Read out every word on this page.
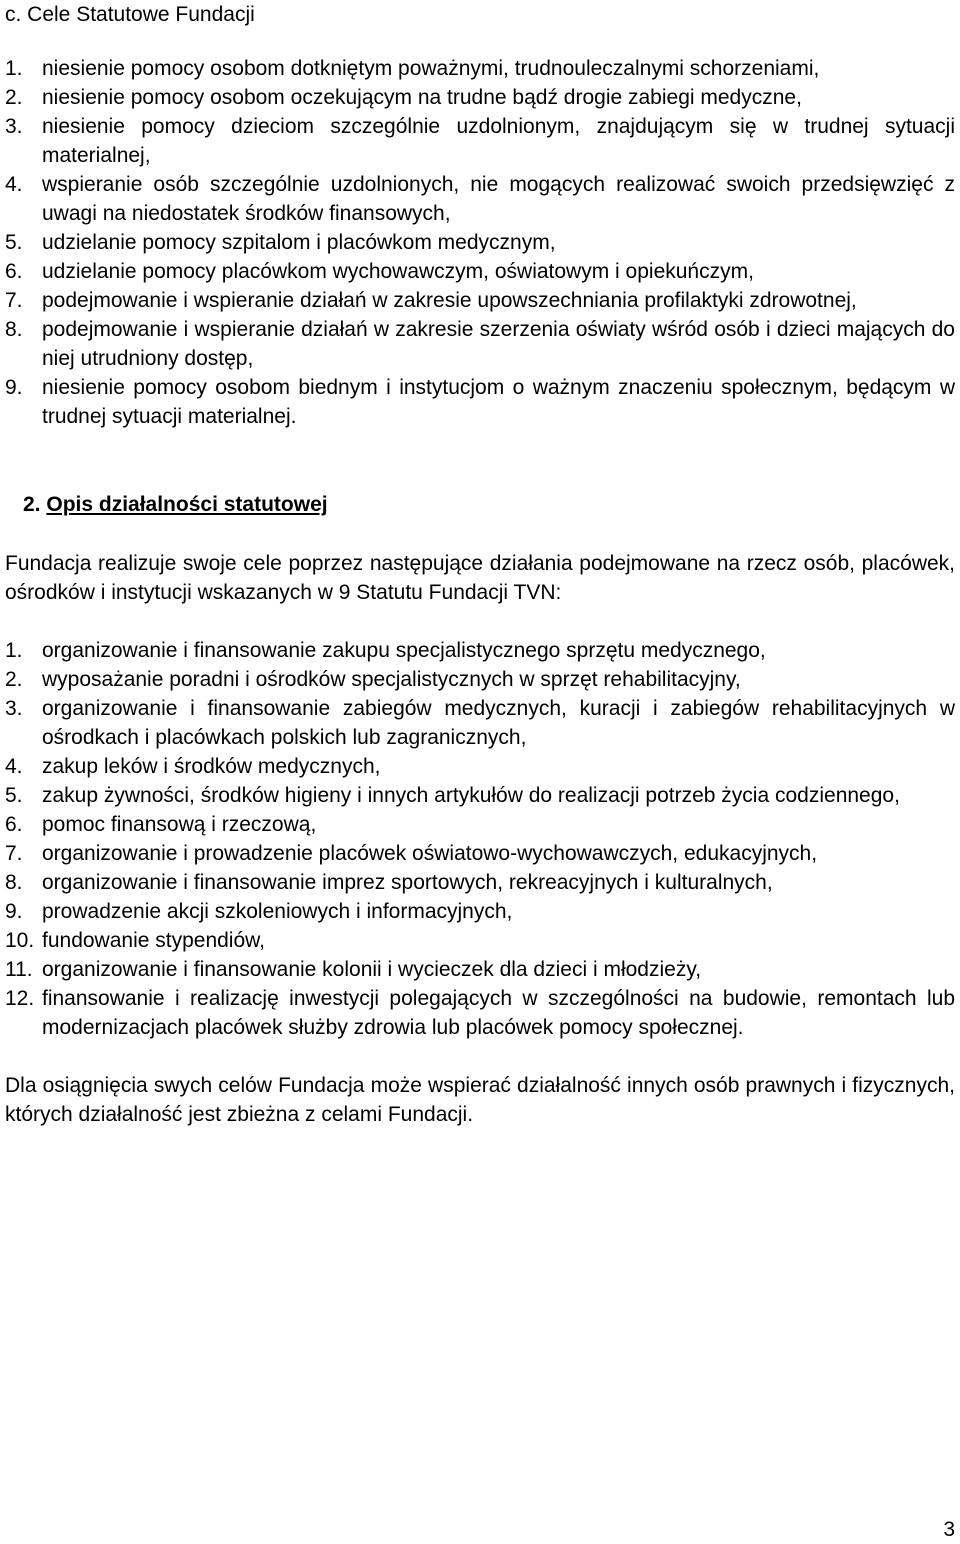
c. Cele Statutowe Fundacji
1. niesienie pomocy osobom dotkniętym poważnymi, trudnouleczalnymi schorzeniami,
2. niesienie pomocy osobom oczekującym na trudne bądź drogie zabiegi medyczne,
3. niesienie pomocy dzieciom szczególnie uzdolnionym, znajdującym się w trudnej sytuacji materialnej,
4. wspieranie osób szczególnie uzdolnionych, nie mogących realizować swoich przedsięwzięć z uwagi na niedostatek środków finansowych,
5. udzielanie pomocy szpitalom i placówkom medycznym,
6. udzielanie pomocy placówkom wychowawczym, oświatowym i opiekuńczym,
7. podejmowanie i wspieranie działań w zakresie upowszechniania profilaktyki zdrowotnej,
8. podejmowanie i wspieranie działań w zakresie szerzenia oświaty wśród osób i dzieci mających do niej utrudniony dostęp,
9. niesienie pomocy osobom biednym i instytucjom o ważnym znaczeniu społecznym, będącym w trudnej sytuacji materialnej.
2. Opis działalności statutowej
Fundacja realizuje swoje cele poprzez następujące działania podejmowane na rzecz osób, placówek, ośrodków i instytucji wskazanych w 9 Statutu Fundacji TVN:
1. organizowanie i finansowanie zakupu specjalistycznego sprzętu medycznego,
2. wyposażanie poradni i ośrodków specjalistycznych w sprzęt rehabilitacyjny,
3. organizowanie i finansowanie zabiegów medycznych, kuracji i zabiegów rehabilitacyjnych w ośrodkach i placówkach polskich lub zagranicznych,
4. zakup leków i środków medycznych,
5. zakup żywności, środków higieny i innych artykułów do realizacji potrzeb życia codziennego,
6. pomoc finansową i rzeczową,
7. organizowanie i prowadzenie placówek oświatowo-wychowawczych, edukacyjnych,
8. organizowanie i finansowanie imprez sportowych, rekreacyjnych i kulturalnych,
9. prowadzenie akcji szkoleniowych i informacyjnych,
10. fundowanie stypendiów,
11. organizowanie i finansowanie kolonii i wycieczek dla dzieci i młodzieży,
12. finansowanie i realizację inwestycji polegających w szczególności na budowie, remontach lub modernizacjach placówek służby zdrowia lub placówek pomocy społecznej.
Dla osiągnięcia swych celów Fundacja może wspierać działalność innych osób prawnych i fizycznych, których działalność jest zbieżna z celami Fundacji.
3
